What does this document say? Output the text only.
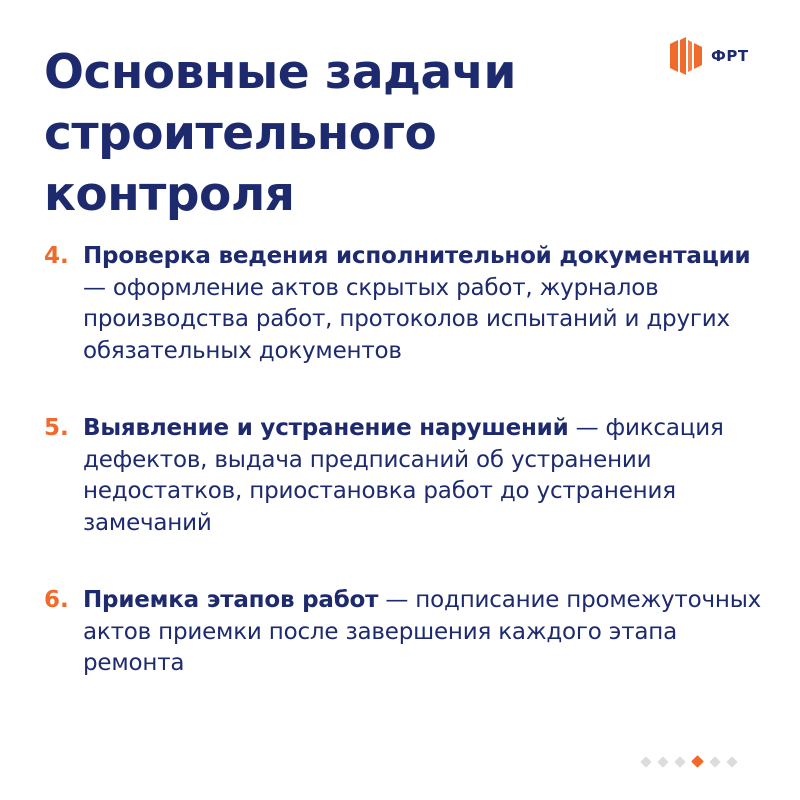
Основные задачи строительного контроля
ФРТ
4. Проверка ведения исполнительной документации — оформление актов скрытых работ, журналов производства работ, протоколов испытаний и других обязательных документов
5. Выявление и устранение нарушений — фиксация дефектов, выдача предписаний об устранении недостатков, приостановка работ до устранения замечаний
6. Приемка этапов работ — подписание промежуточных актов приемки после завершения каждого этапа ремонта
